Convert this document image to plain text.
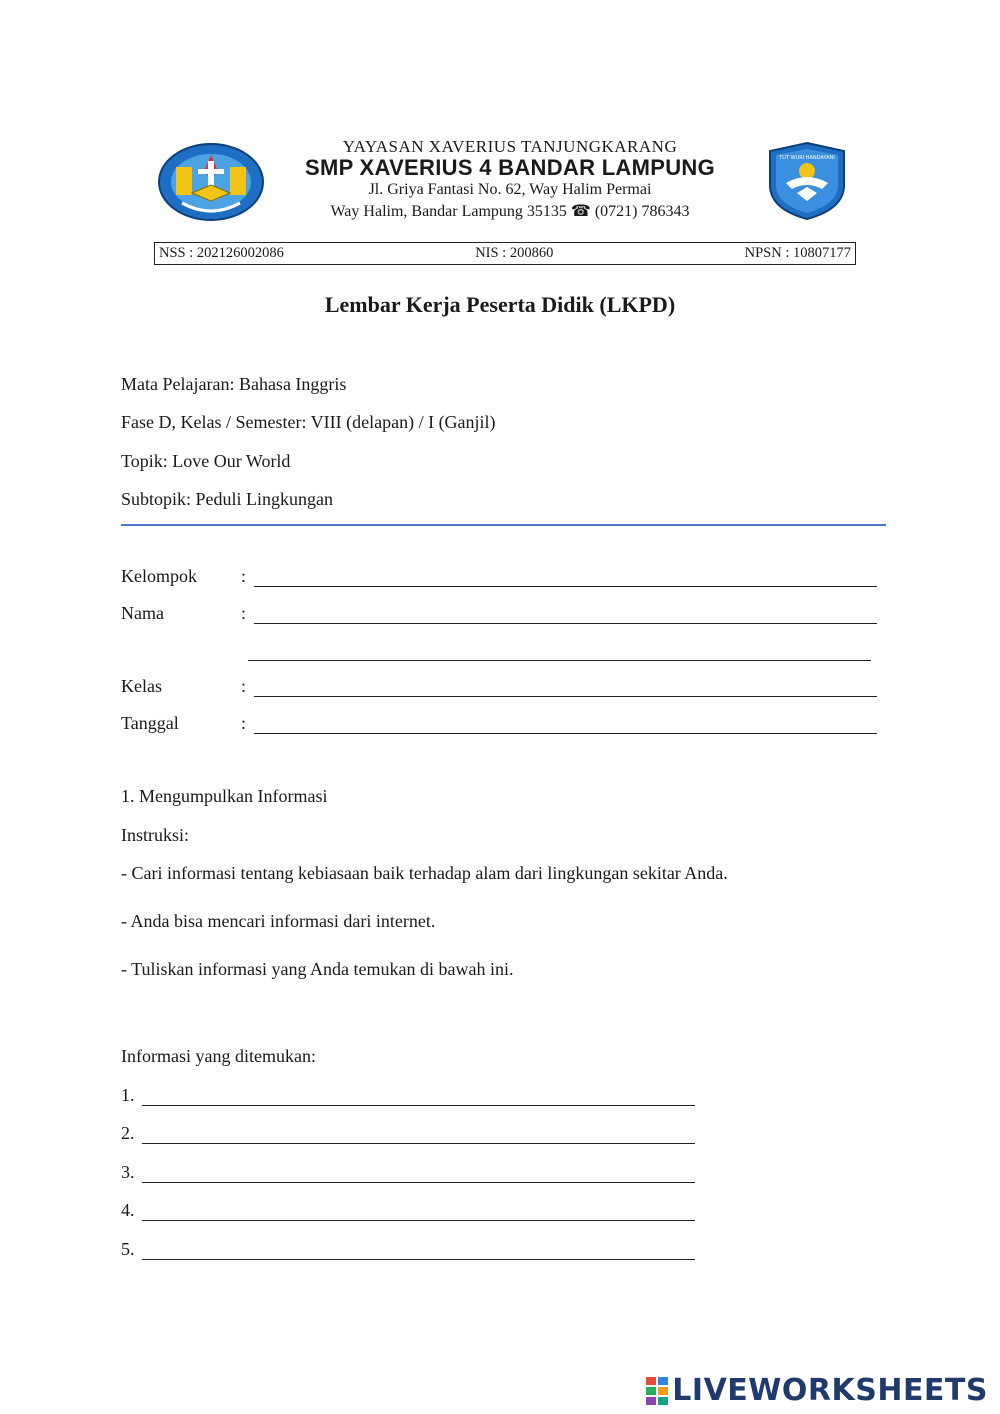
TUT WURI HANDAYANI
YAYASAN XAVERIUS TANJUNGKARANG
SMP XAVERIUS 4 BANDAR LAMPUNG
Jl. Griya Fantasi No. 62, Way Halim Permai
Way Halim, Bandar Lampung 35135 ☎ (0721) 786343
NSS : 202126002086	NIS : 200860	NPSN : 10807177
Lembar Kerja Peserta Didik (LKPD)
Mata Pelajaran: Bahasa Inggris
Fase D, Kelas / Semester: VIII (delapan) / I (Ganjil)
Topik: Love Our World
Subtopik: Peduli Lingkungan
Kelompok :
Nama	:
Kelas	:
Tanggal	:
1. Mengumpulkan Informasi
Instruksi:
- Cari informasi tentang kebiasaan baik terhadap alam dari lingkungan sekitar Anda.
- Anda bisa mencari informasi dari internet.
- Tuliskan informasi yang Anda temukan di bawah ini.
Informasi yang ditemukan:
1.
2.
3.
4.
5.
LIVEWORKSHEETS
